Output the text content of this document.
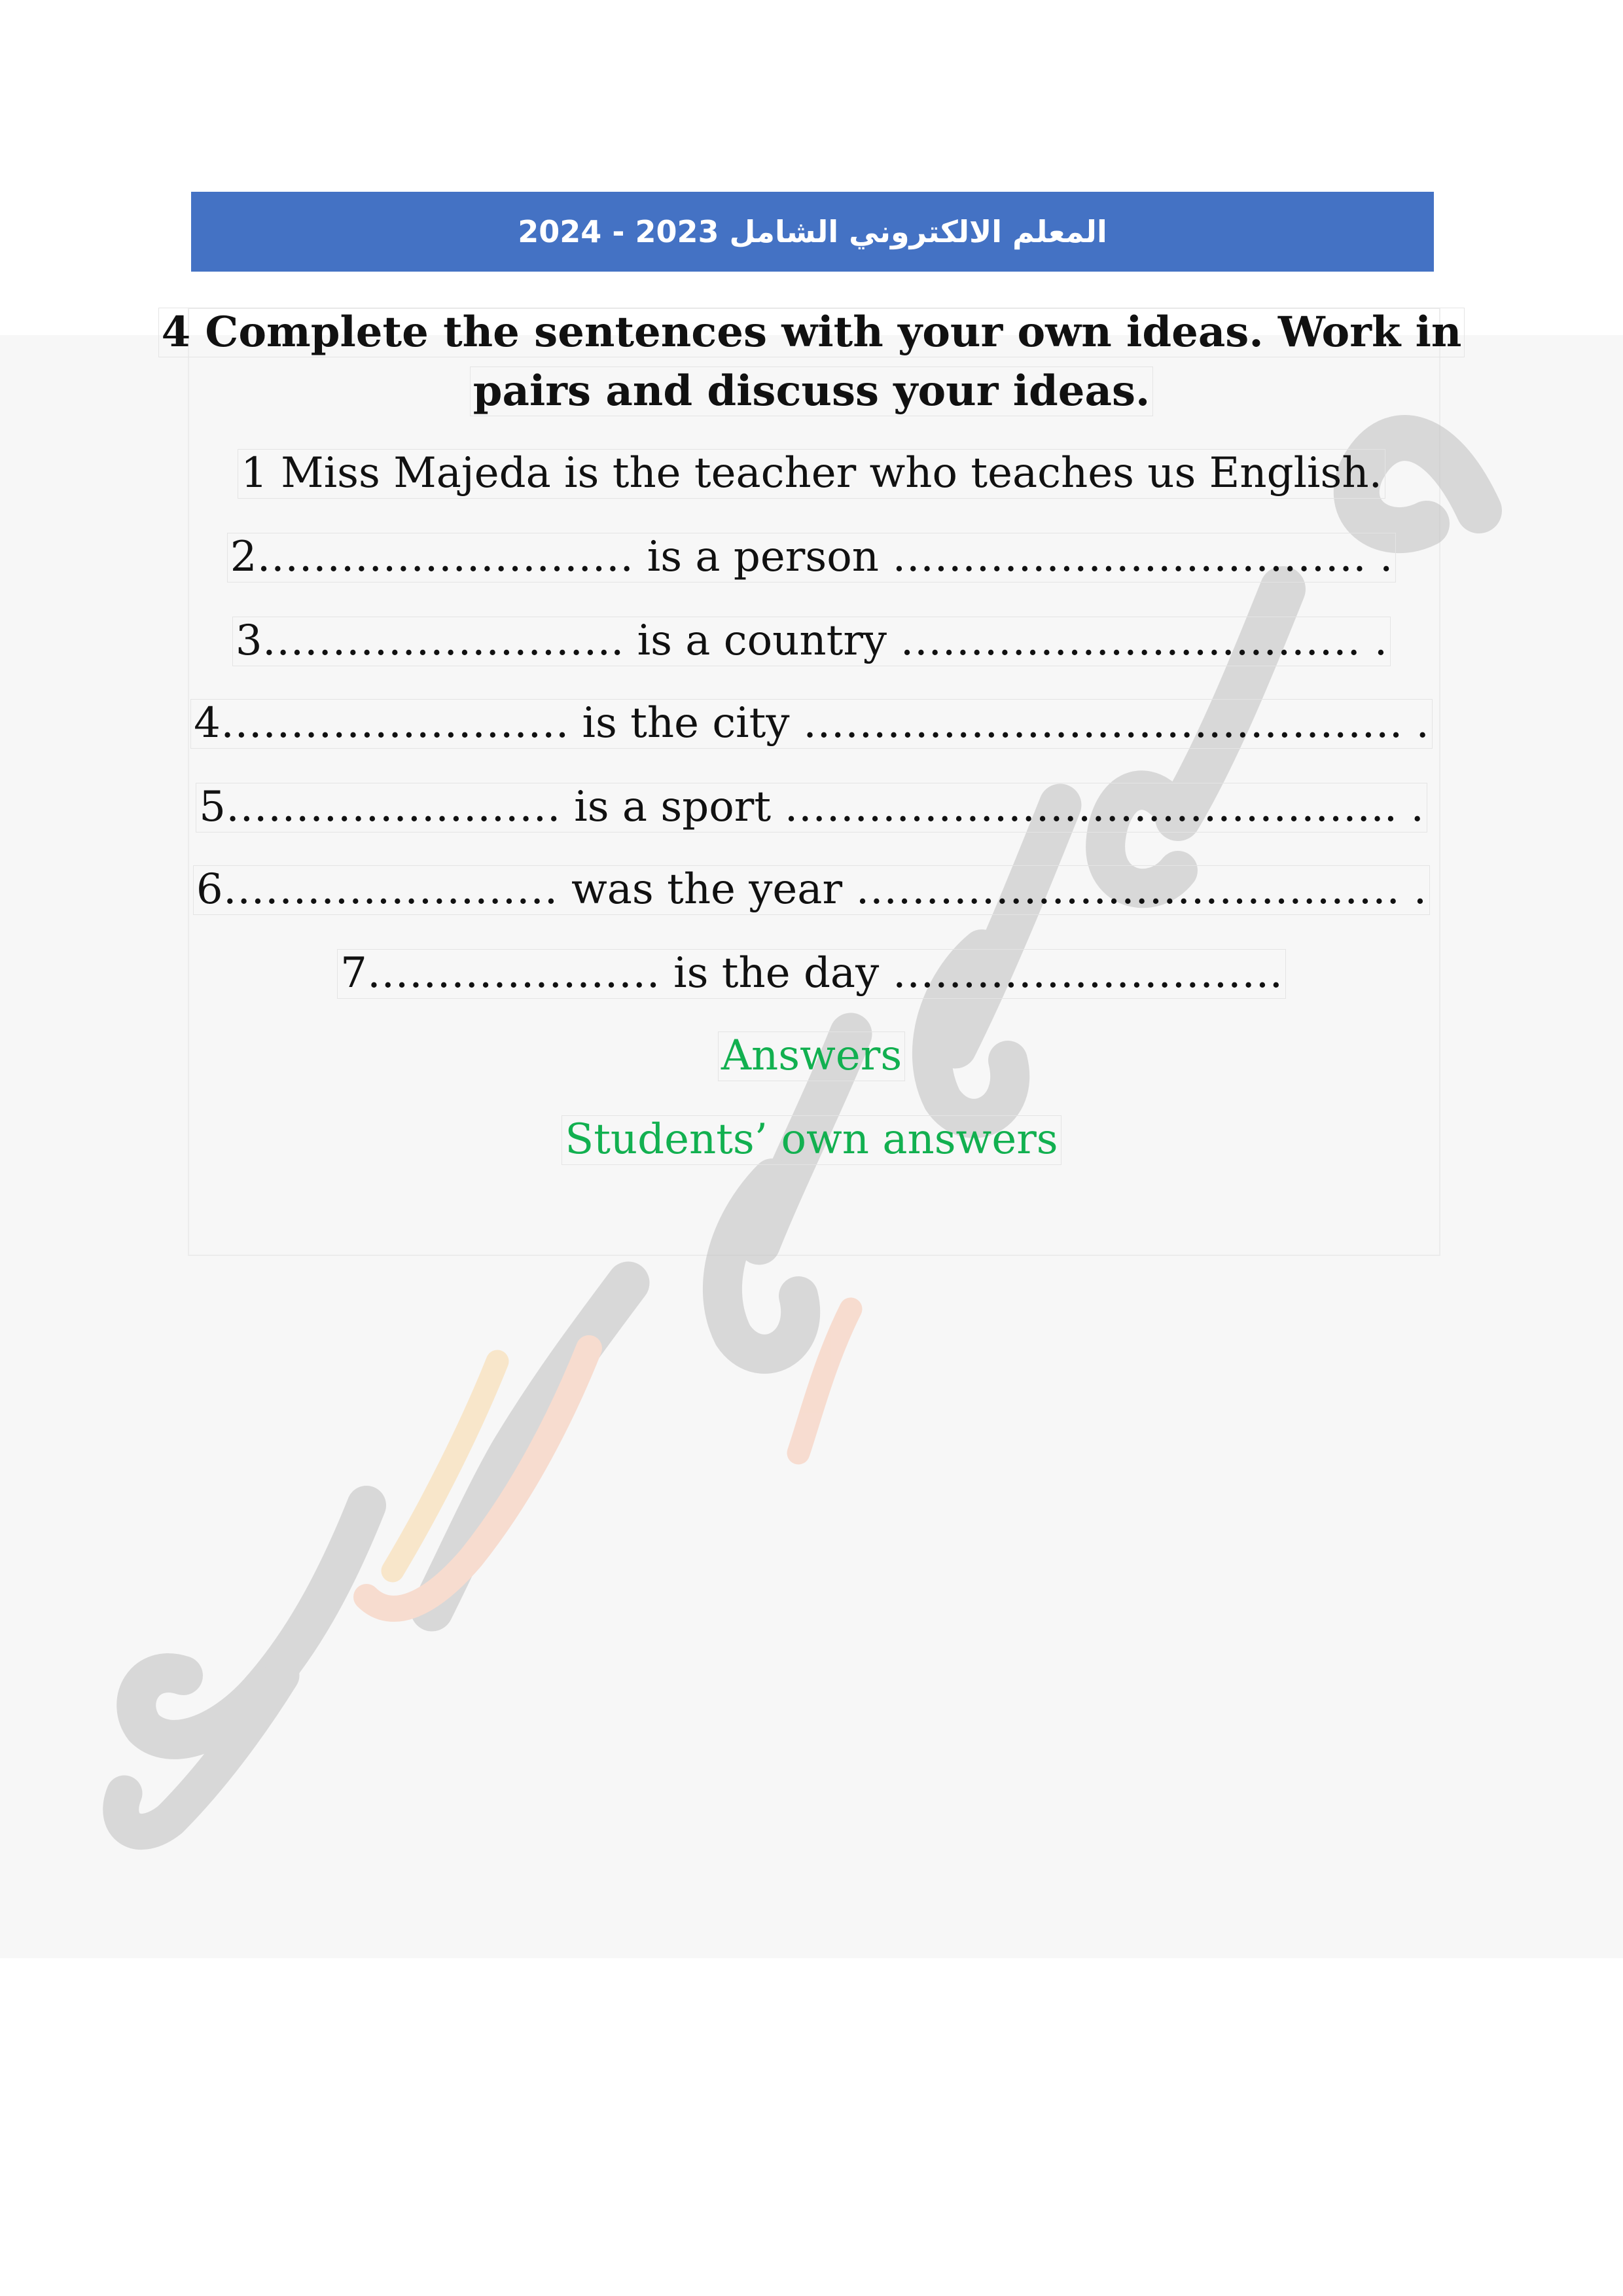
المعلم الالكتروني الشامل 2023 - 2024
4 Complete the sentences with your own ideas. Work in
pairs and discuss your ideas.
1 Miss Majeda is the teacher who teaches us English.
2……………………… is a person ……………………………. .
3…………………….. is a country …………………………… .
4……………………. is the city ……………………………………. .
5…………………… is a sport …………………………………….. .
6…………………… was the year ………………………………… .
7………………… is the day ……………………….
Answers
Students’ own answers
